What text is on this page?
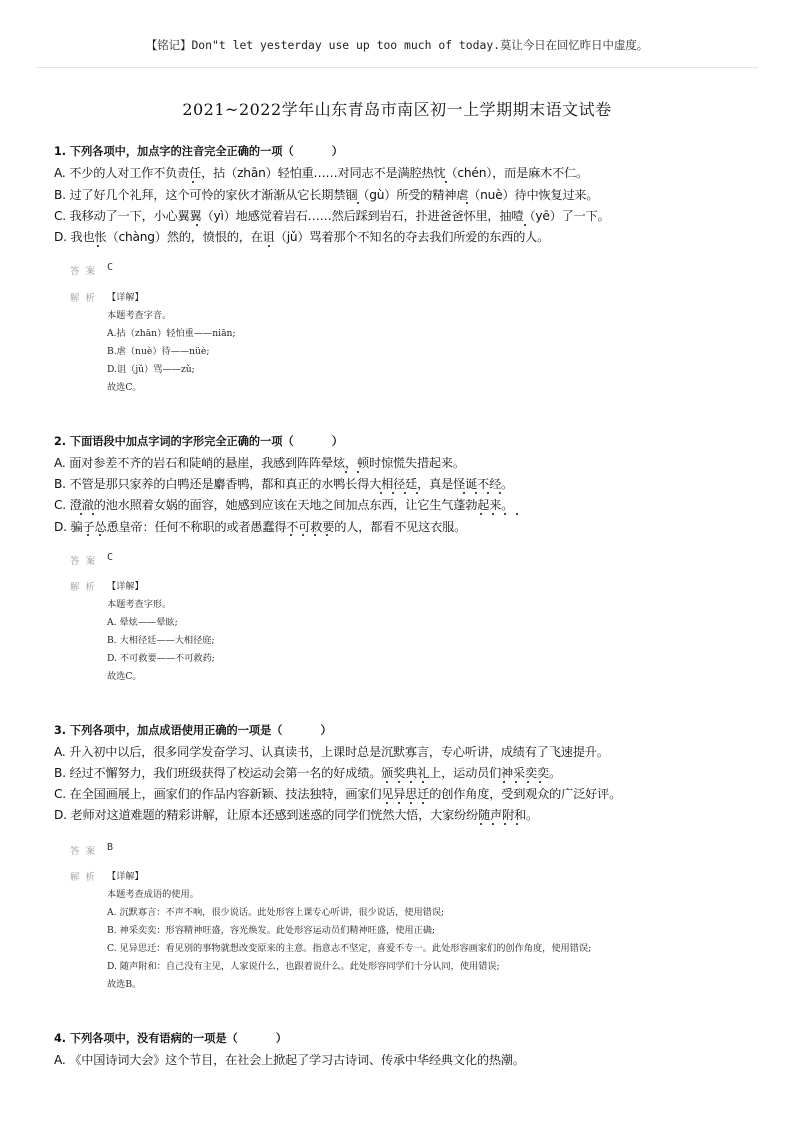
【铭记】Don"t let yesterday use up too much of today.莫让今日在回忆昨日中虚度。
2021~2022学年山东青岛市南区初一上学期期末语文试卷
1. 下列各项中，加点字的注音完全正确的一项（	）
A. 不少的人对工作不负责任，拈（zhān）轻怕重……对同志不是满腔热忱（chén），而是麻木不仁。
B. 过了好几个礼拜，这个可怜的家伙才渐渐从它长期禁锢（gù）所受的精神虐（nuè）待中恢复过来。
C. 我移动了一下，小心翼翼（yì）地感觉着岩石……然后踩到岩石，扑进爸爸怀里，抽噎（yē）了一下。
D. 我也怅（chàng）然的，愤恨的，在诅（jǔ）骂着那个不知名的夺去我们所爱的东西的人。
答案 C
解析 【详解】
本题考查字音。
A.拈（zhān）轻怕重——niān;
B.虐（nuè）待——nüè;
D.诅（jǔ）骂——zǔ;
故选C。
2. 下面语段中加点字词的字形完全正确的一项（	）
A. 面对参差不齐的岩石和陡峭的悬崖，我感到阵阵晕炫，顿时惊慌失措起来。
B. 不管是那只家养的白鸭还是麝香鸭，都和真正的水鸭长得大相径廷，真是怪诞不经。
C. 澄澈的池水照着女娲的面容，她感到应该在天地之间加点东西，让它生气蓬勃起来。
D. 骗子怂恿皇帝：任何不称职的或者愚蠢得不可救要的人，都看不见这衣服。
答案 C
解析 【详解】
本题考查字形。
A. 晕炫——晕眩;
B. 大相径廷——大相径庭;
D. 不可救要——不可救药;
故选C。
3. 下列各项中，加点成语使用正确的一项是（	）
A. 升入初中以后，很多同学发奋学习、认真读书，上课时总是沉默寡言，专心听讲，成绩有了飞速提升。
B. 经过不懈努力，我们班级获得了校运动会第一名的好成绩。颁奖典礼上，运动员们神采奕奕。
C. 在全国画展上，画家们的作品内容新颖、技法独特，画家们见异思迁的创作角度，受到观众的广泛好评。
D. 老师对这道难题的精彩讲解，让原本还感到迷惑的同学们恍然大悟，大家纷纷随声附和。
答案 B
解析 【详解】
本题考查成语的使用。
A. 沉默寡言：不声不响，很少说话。此处形容上课专心听讲，很少说话，使用错误;
B. 神采奕奕：形容精神旺盛，容光焕发。此处形容运动员们精神旺盛，使用正确;
C. 见异思迁：看见别的事物就想改变原来的主意。指意志不坚定，喜爱不专一。此处形容画家们的创作角度，使用错误;
D. 随声附和：自己没有主见，人家说什么，也跟着说什么。此处形容同学们十分认同，使用错误;
故选B。
4. 下列各项中，没有语病的一项是（	）
A. 《中国诗词大会》这个节目，在社会上掀起了学习古诗词、传承中华经典文化的热潮。
